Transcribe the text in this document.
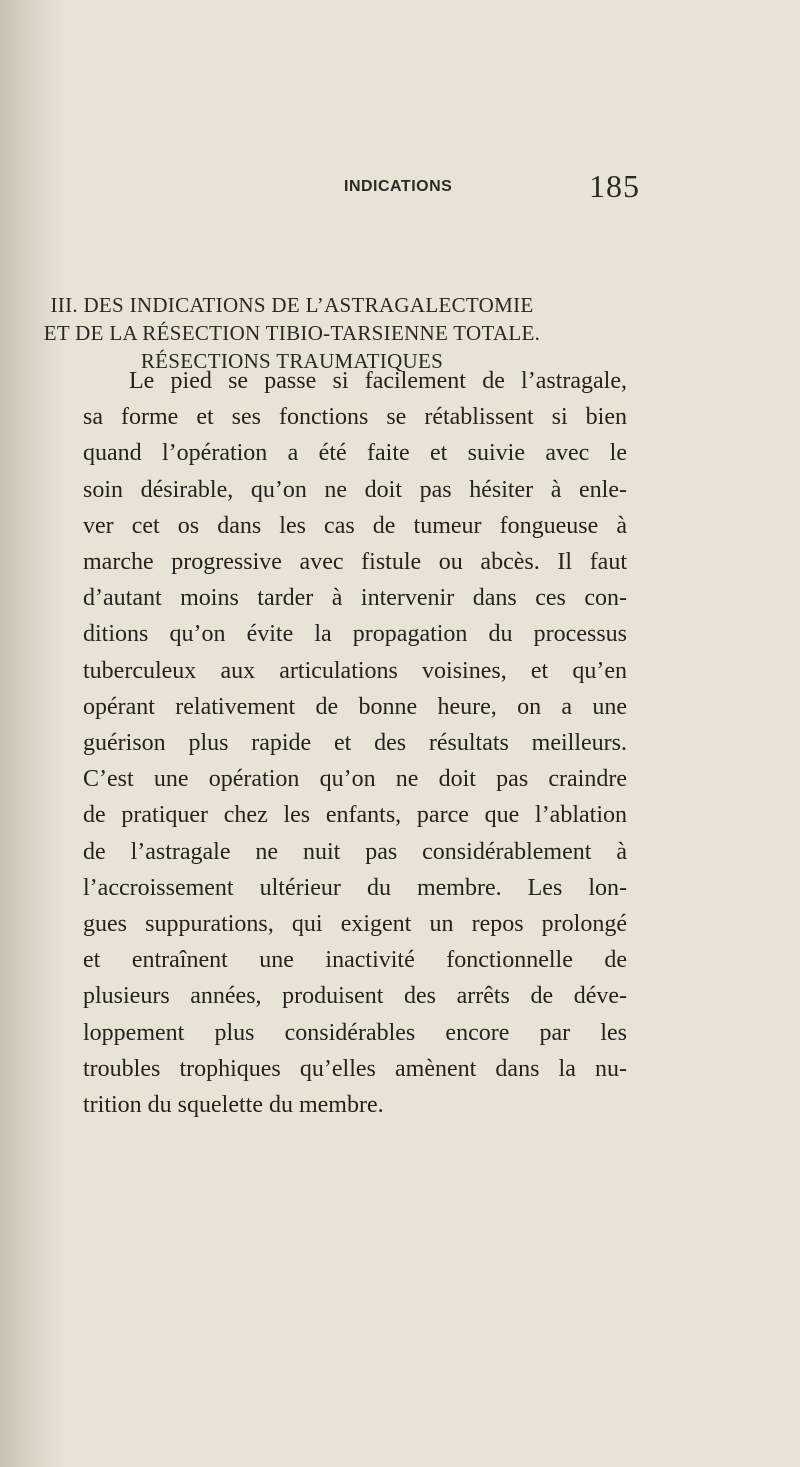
INDICATIONS	185
III. DES INDICATIONS DE L’ASTRAGALECTOMIE
ET DE LA RÉSECTION TIBIO-TARSIENNE TOTALE.
RÉSECTIONS TRAUMATIQUES
Le pied se passe si facilement de l’astragale,
sa forme et ses fonctions se rétablissent si bien
quand l’opération a été faite et suivie avec le
soin désirable, qu’on ne doit pas hésiter à enle-
ver cet os dans les cas de tumeur fongueuse à
marche progressive avec fistule ou abcès. Il faut
d’autant moins tarder à intervenir dans ces con-
ditions qu’on évite la propagation du processus
tuberculeux aux articulations voisines, et qu’en
opérant relativement de bonne heure, on a une
guérison plus rapide et des résultats meilleurs.
C’est une opération qu’on ne doit pas craindre
de pratiquer chez les enfants, parce que l’ablation
de l’astragale ne nuit pas considérablement à
l’accroissement ultérieur du membre. Les lon-
gues suppurations, qui exigent un repos prolongé
et entraînent une inactivité fonctionnelle de
plusieurs années, produisent des arrêts de déve-
loppement plus considérables encore par les
troubles trophiques qu’elles amènent dans la nu-
trition du squelette du membre.
